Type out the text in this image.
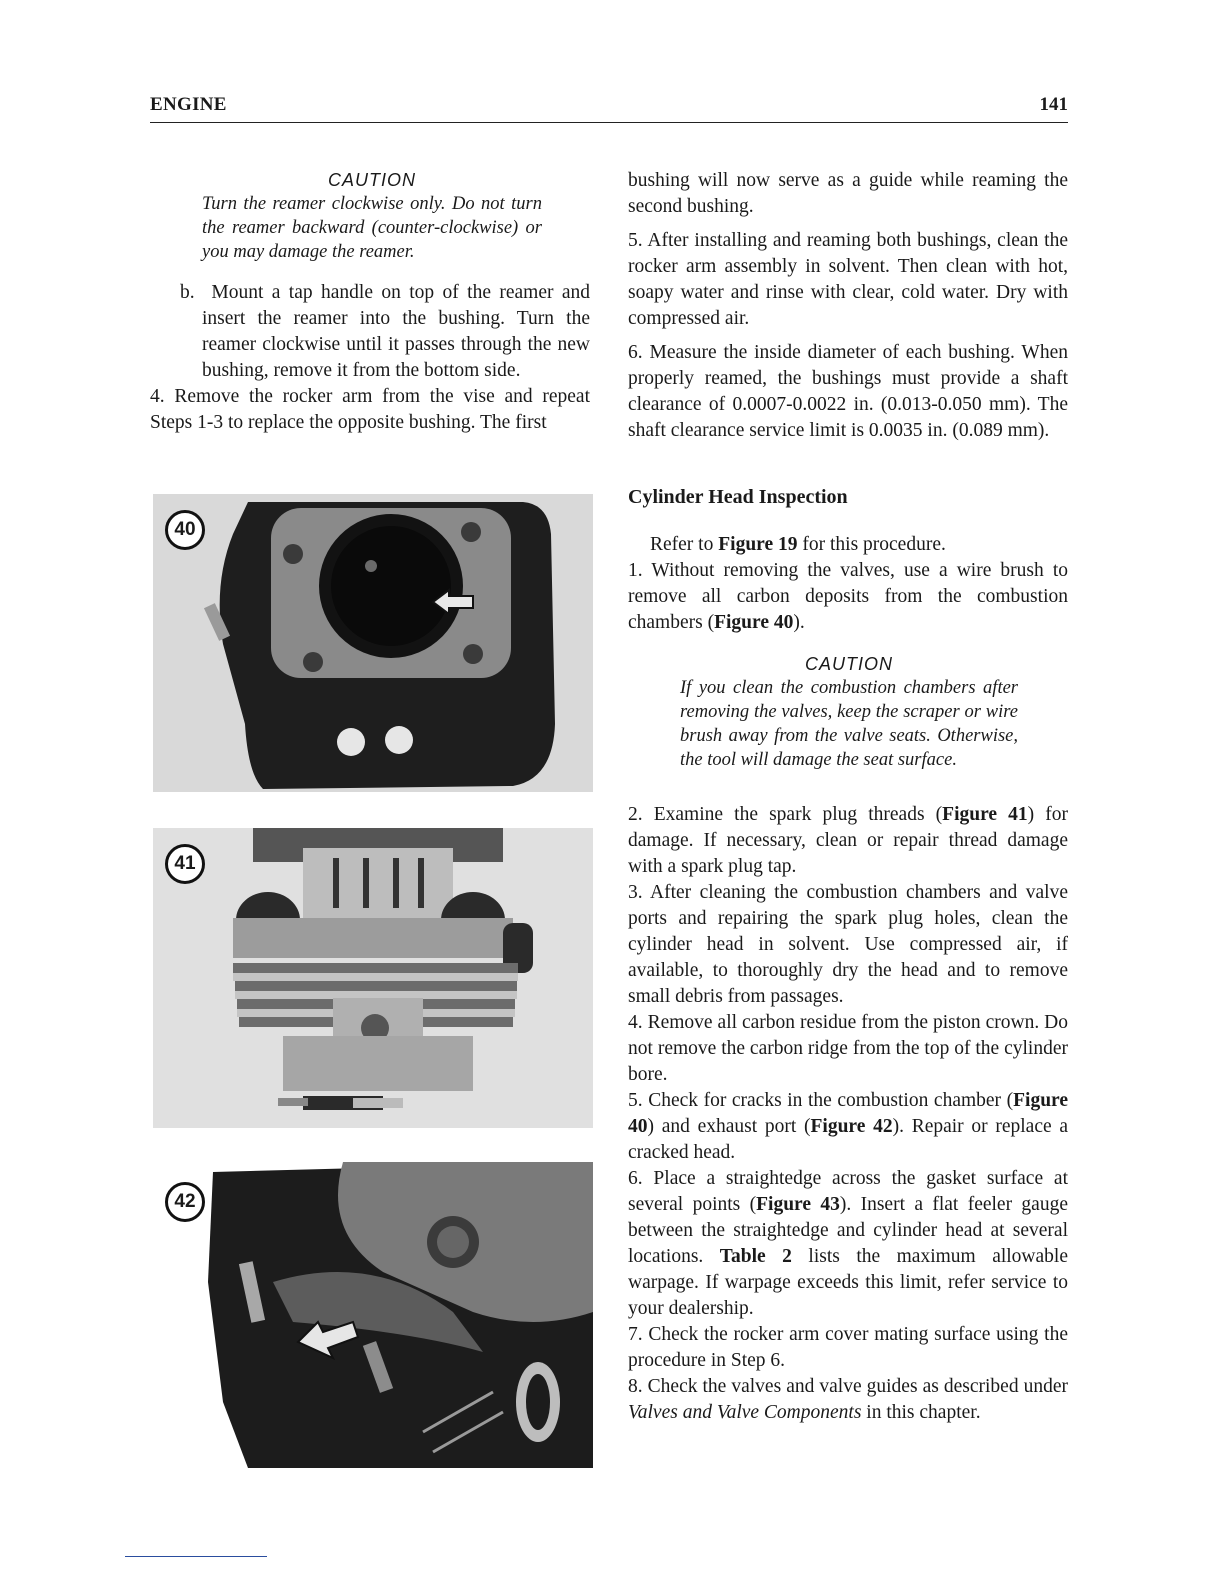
ENGINE	141

CAUTION

Turn the reamer clockwise only. Do not turn the reamer backward (counter-clockwise) or you may damage the reamer.

b. Mount a tap handle on top of the reamer and insert the reamer into the bushing. Turn the reamer clockwise until it passes through the new bushing, remove it from the bottom side.

4. Remove the rocker arm from the vise and repeat Steps 1-3 to replace the opposite bushing. The first

40
41
42

bushing will now serve as a guide while reaming the second bushing.

5. After installing and reaming both bushings, clean the rocker arm assembly in solvent. Then clean with hot, soapy water and rinse with clear, cold water. Dry with compressed air.

6. Measure the inside diameter of each bushing. When properly reamed, the bushings must provide a shaft clearance of 0.0007-0.0022 in. (0.013-0.050 mm). The shaft clearance service limit is 0.0035 in. (0.089 mm).

Cylinder Head Inspection

Refer to Figure 19 for this procedure.

1. Without removing the valves, use a wire brush to remove all carbon deposits from the combustion chambers (Figure 40).

CAUTION

If you clean the combustion chambers after removing the valves, keep the scraper or wire brush away from the valve seats. Otherwise, the tool will damage the seat surface.

2. Examine the spark plug threads (Figure 41) for damage. If necessary, clean or repair thread damage with a spark plug tap.

3. After cleaning the combustion chambers and valve ports and repairing the spark plug holes, clean the cylinder head in solvent. Use compressed air, if available, to thoroughly dry the head and to remove small debris from passages.

4. Remove all carbon residue from the piston crown. Do not remove the carbon ridge from the top of the cylinder bore.

5. Check for cracks in the combustion chamber (Figure 40) and exhaust port (Figure 42). Repair or replace a cracked head.

6. Place a straightedge across the gasket surface at several points (Figure 43). Insert a flat feeler gauge between the straightedge and cylinder head at several locations. Table 2 lists the maximum allowable warpage. If warpage exceeds this limit, refer service to your dealership.

7. Check the rocker arm cover mating surface using the procedure in Step 6.

8. Check the valves and valve guides as described under Valves and Valve Components in this chapter.
